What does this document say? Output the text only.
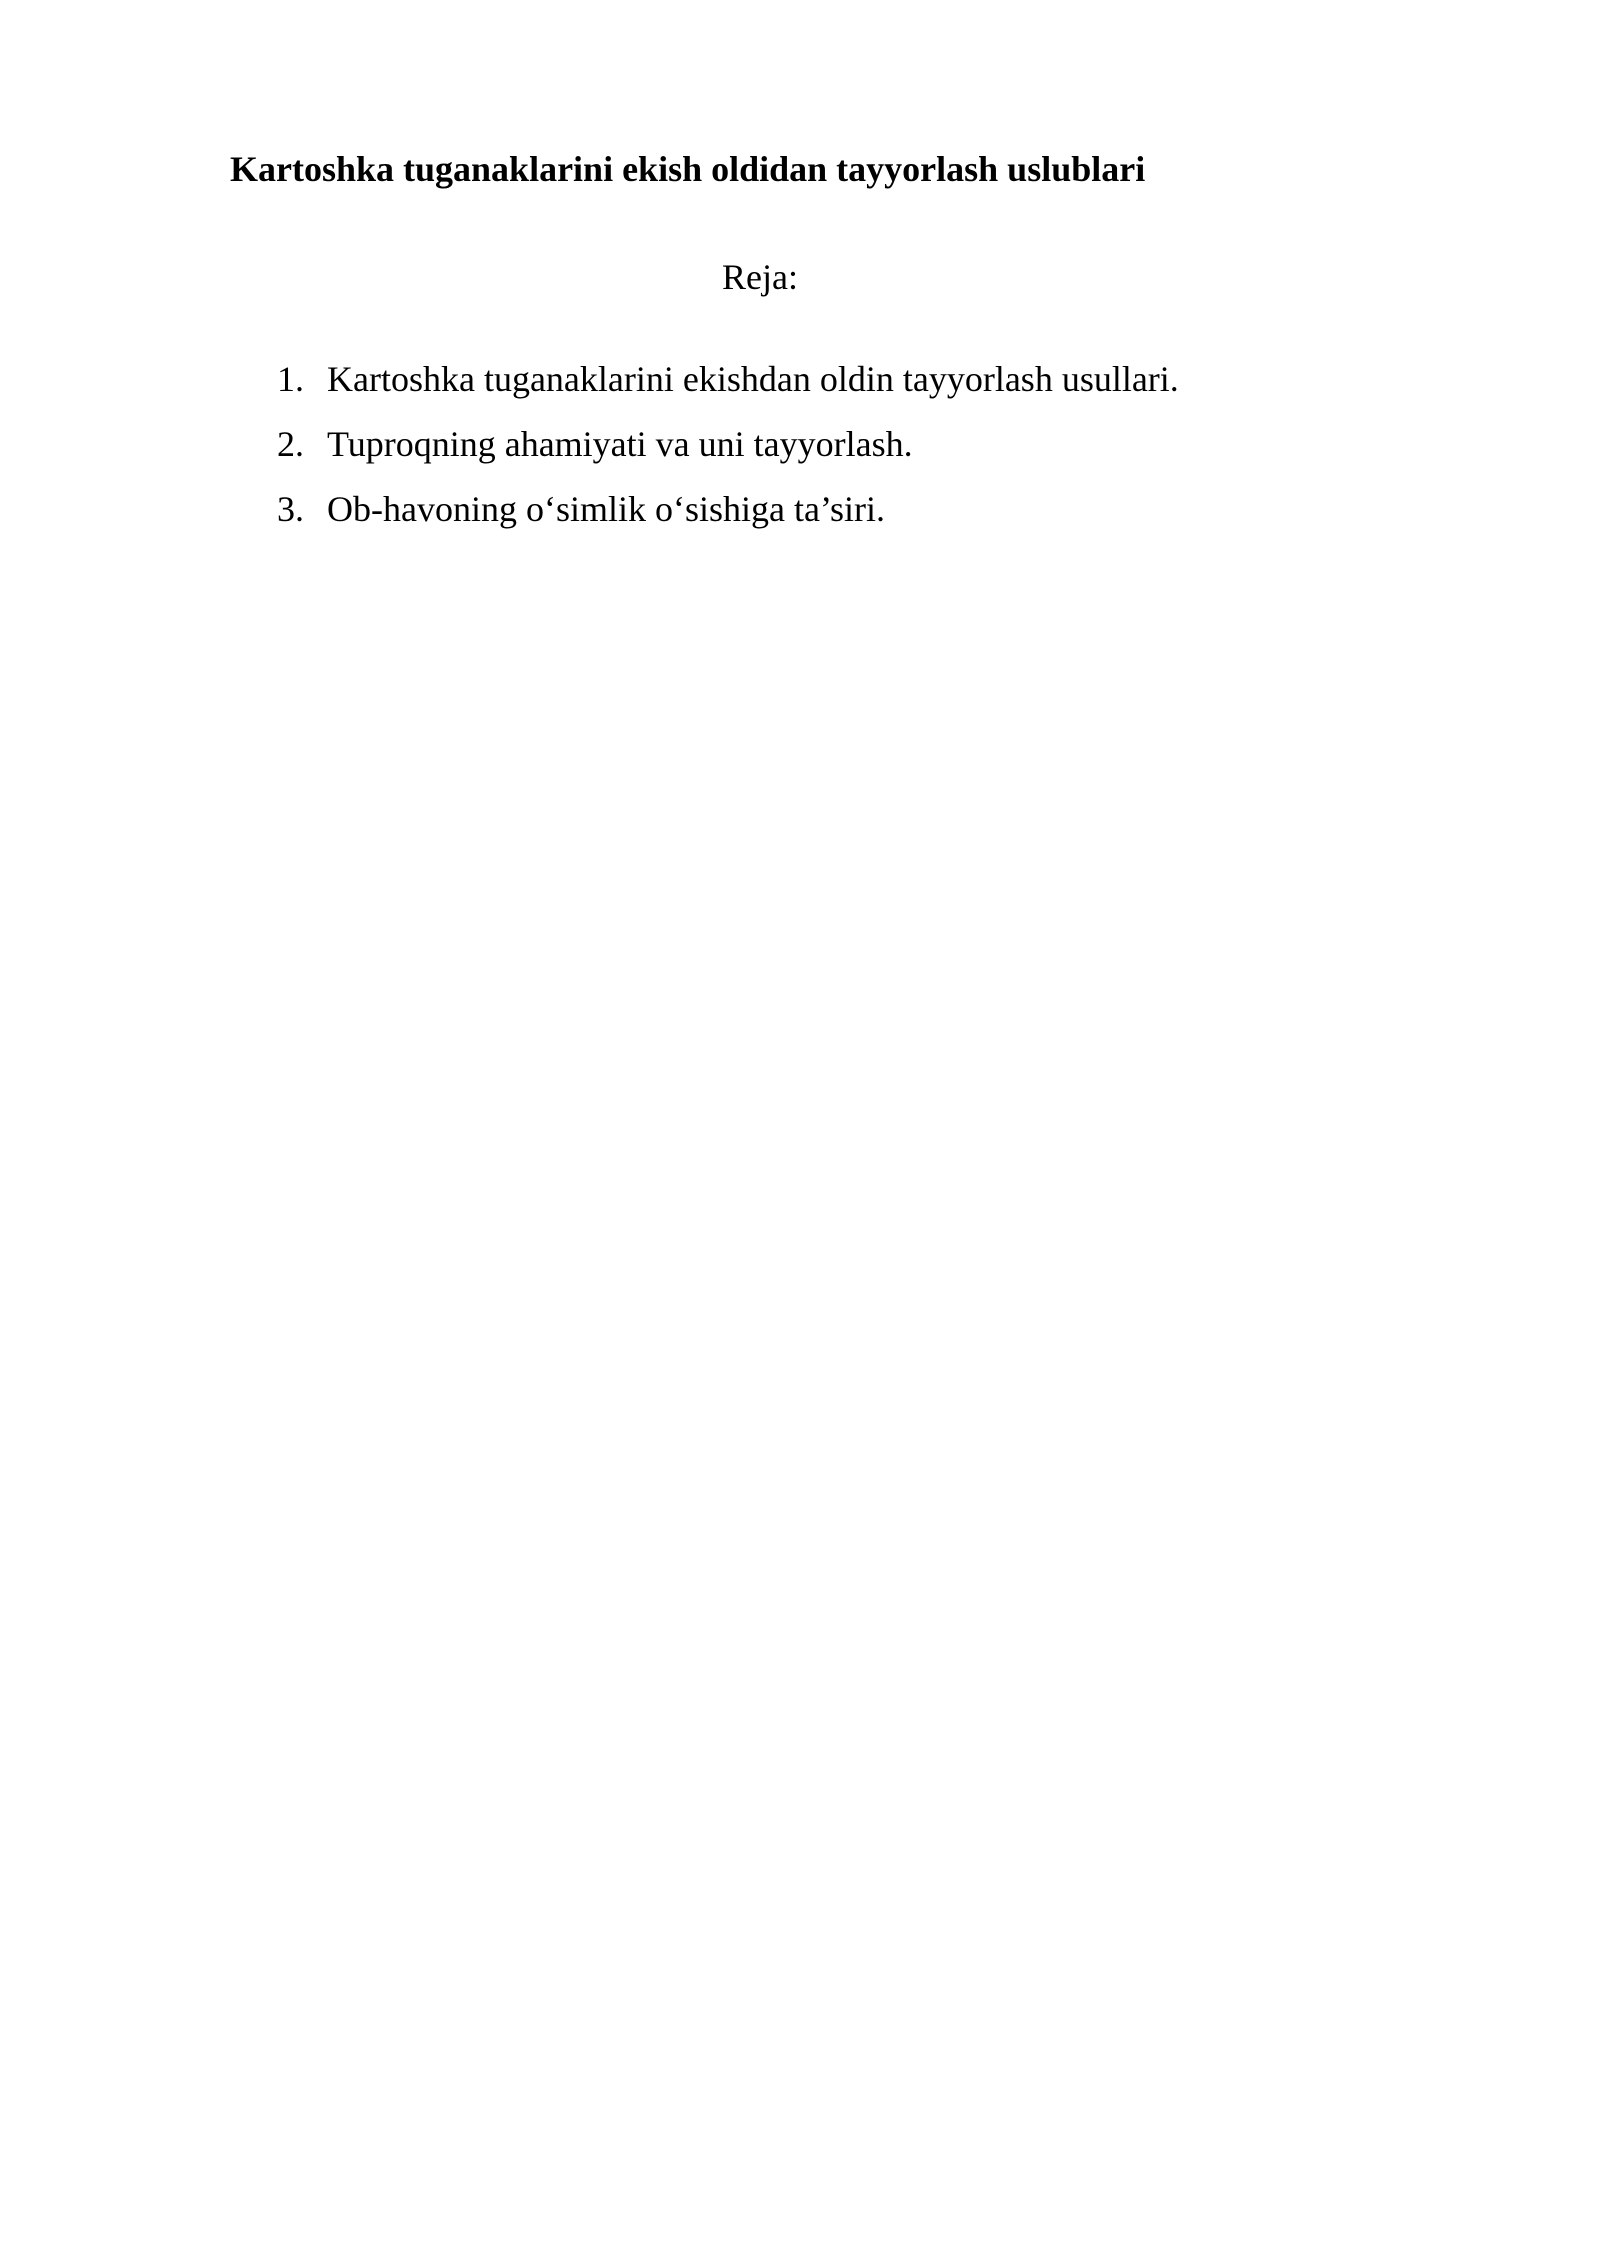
Kartoshka tuganaklarini ekish oldidan tayyorlash uslublari

Reja:

1. Kartoshka tuganaklarini ekishdan oldin tayyorlash usullari.
2. Tuproqning ahamiyati va uni tayyorlash.
3. Ob-havoning o‘simlik o‘sishiga ta’siri.
